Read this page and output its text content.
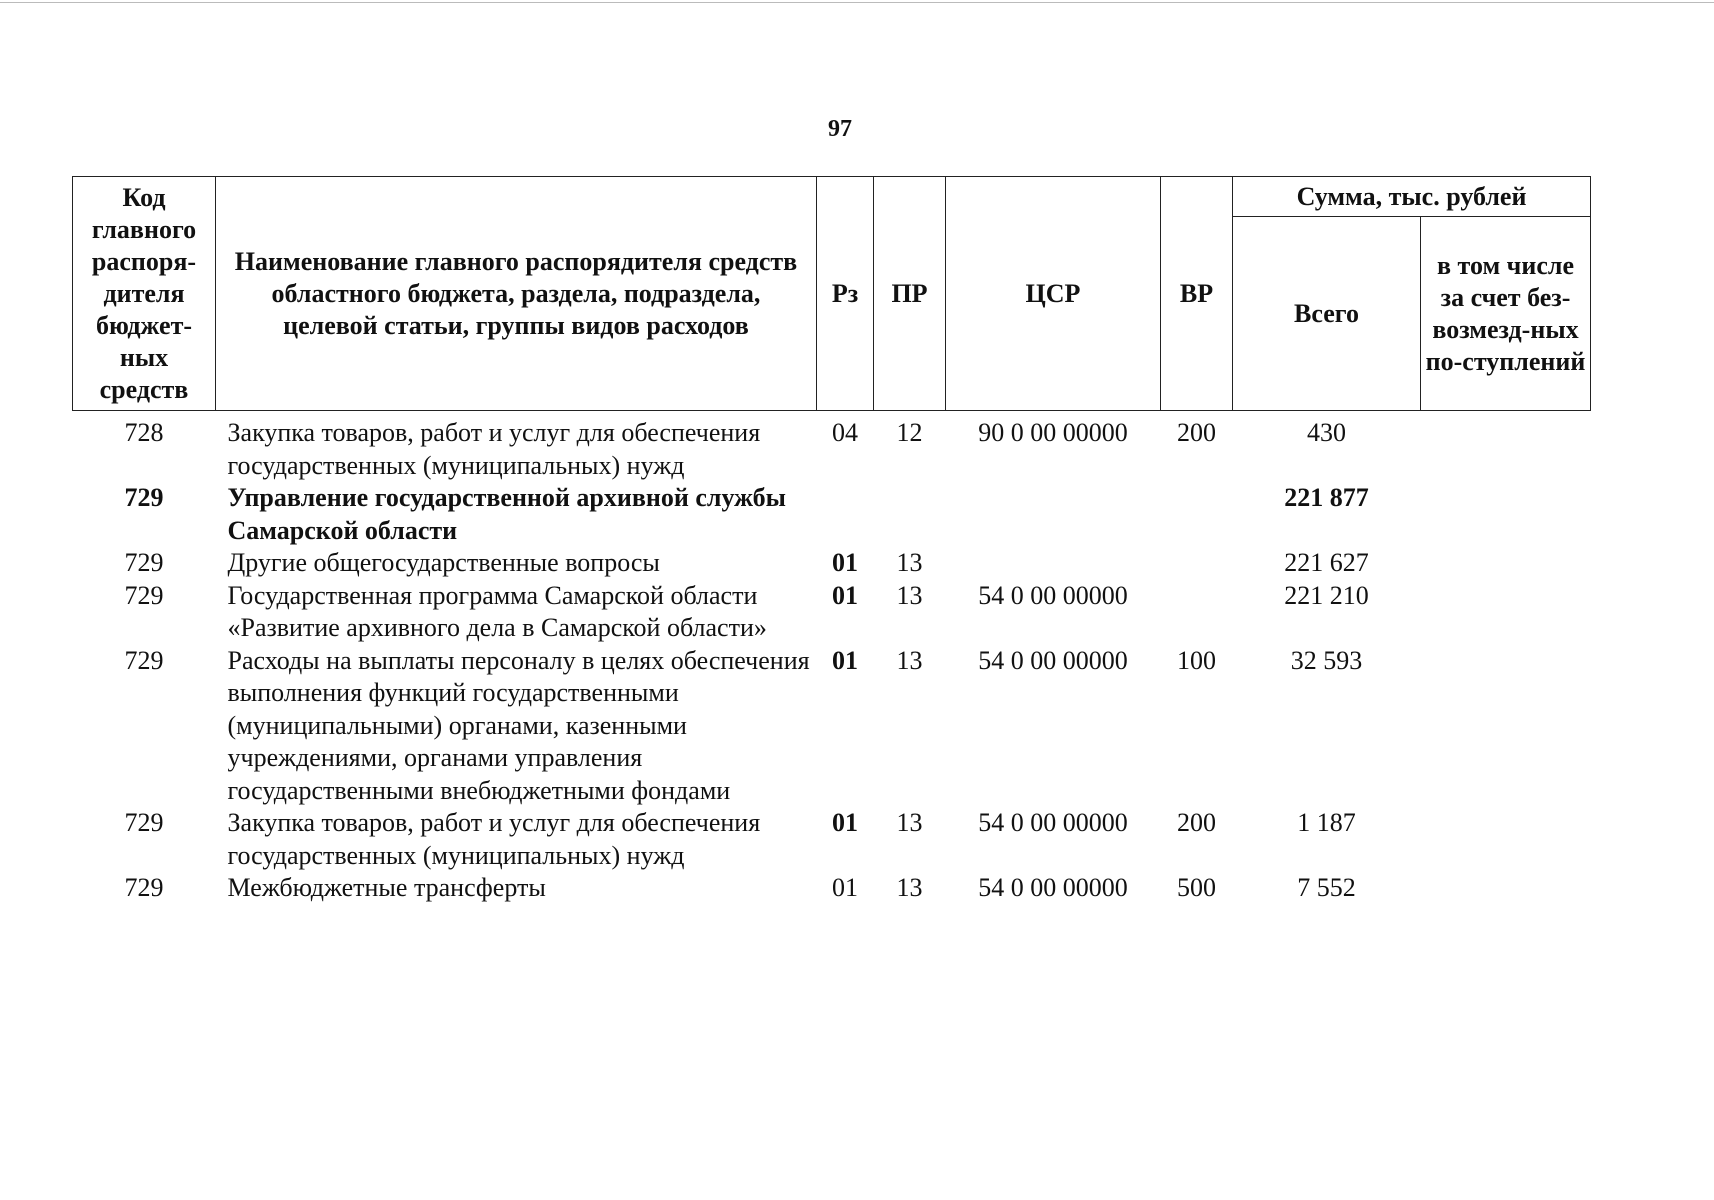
97
Код главного распоря-дителя бюджет-ных средств	Наименование главного распорядителя средств областного бюджета, раздела, подраздела, целевой статьи, группы видов расходов	Рз	ПР	ЦСР	ВР	Сумма, тыс. рублей	
						Всего	в том числе за счет без-возмезд-ных по-ступлений

728	Закупка товаров, работ и услуг для обеспечения государственных (муниципальных) нужд	04	12	90 0 00 00000	200	430	
729	Управление государственной архивной службы Самарской области					221 877	
729	Другие общегосударственные вопросы	01	13			221 627	
729	Государственная программа Самарской области «Развитие архивного дела в Самарской области»	01	13	54 0 00 00000		221 210	
729	Расходы на выплаты персоналу в целях обеспечения выполнения функций государственными (муниципальными) органами, казенными учреждениями, органами управления государственными внебюджетными фондами	01	13	54 0 00 00000	100	32 593	
729	Закупка товаров, работ и услуг для обеспечения государственных (муниципальных) нужд	01	13	54 0 00 00000	200	1 187	
729	Межбюджетные трансферты	01	13	54 0 00 00000	500	7 552	
